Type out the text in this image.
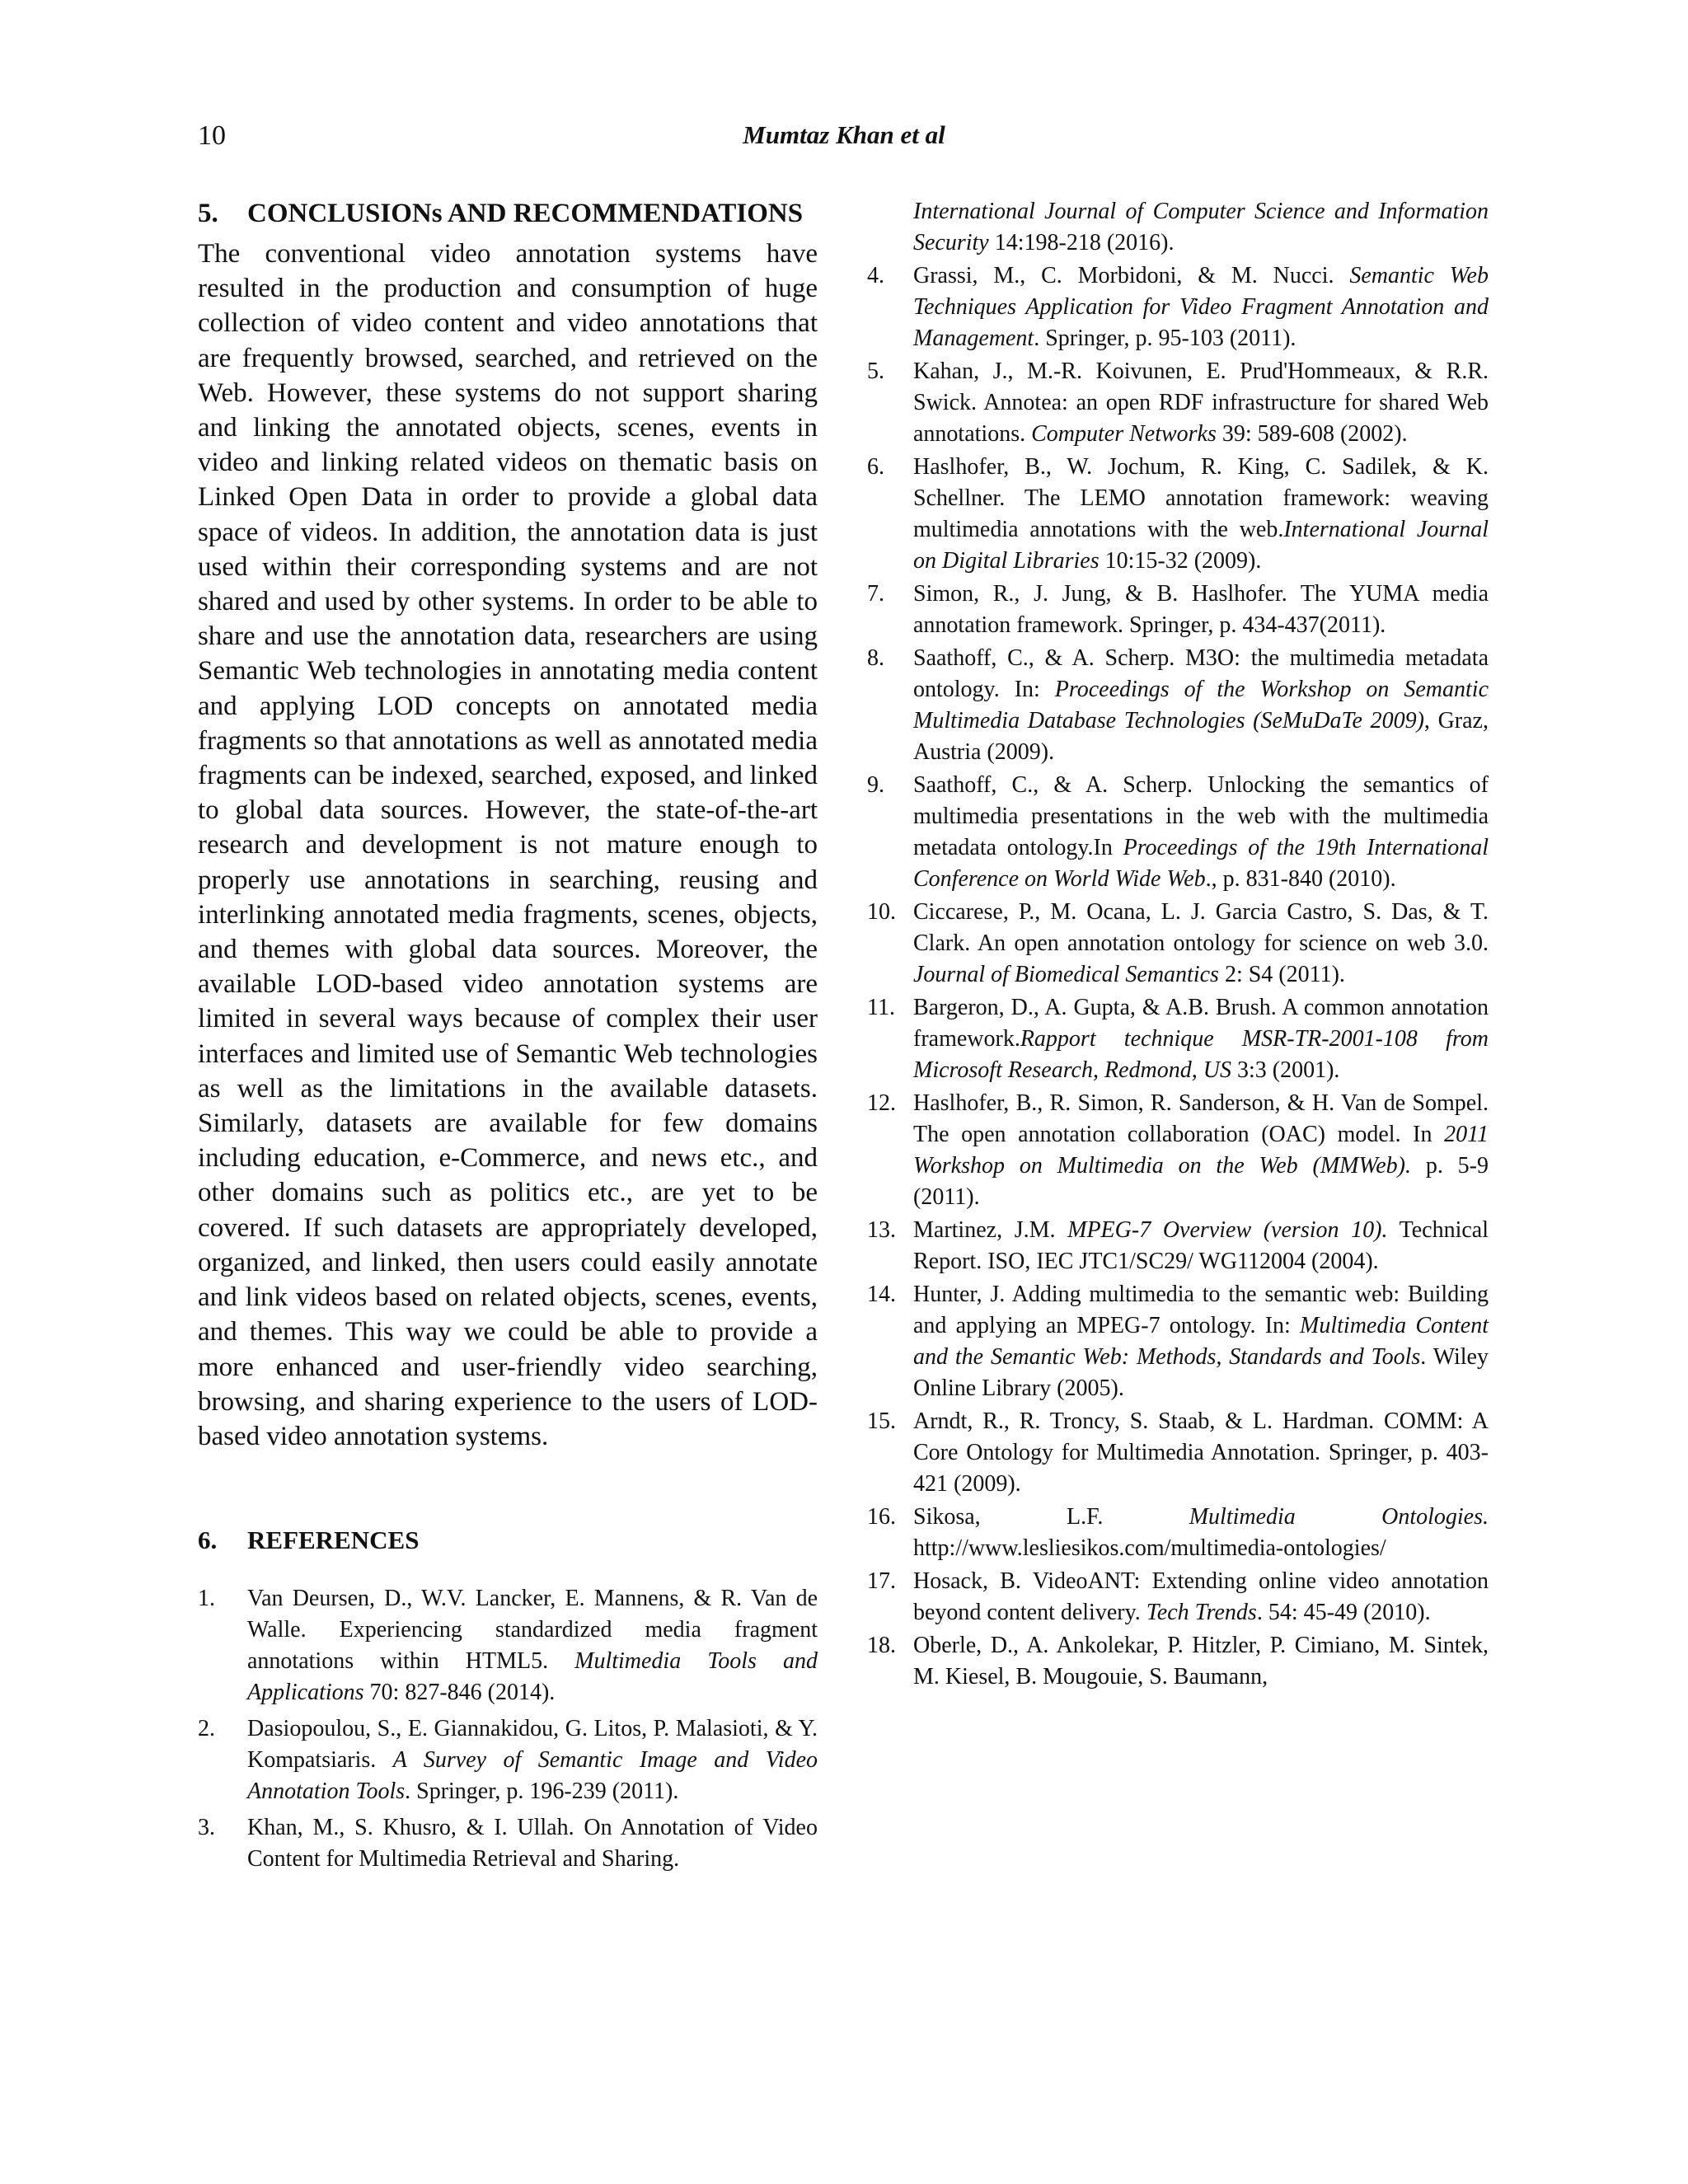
10	Mumtaz Khan et al
5.	CONCLUSIONs AND RECOMMENDATIONS

The conventional video annotation systems have resulted in the production and consumption of huge collection of video content and video annotations that are frequently browsed, searched, and retrieved on the Web. However, these systems do not support sharing and linking the annotated objects, scenes, events in video and linking related videos on thematic basis on Linked Open Data in order to provide a global data space of videos. In addition, the annotation data is just used within their corresponding systems and are not shared and used by other systems. In order to be able to share and use the annotation data, researchers are using Semantic Web technologies in annotating media content and applying LOD concepts on annotated media fragments so that annotations as well as annotated media fragments can be indexed, searched, exposed, and linked to global data sources. However, the state-of-the-art research and development is not mature enough to properly use annotations in searching, reusing and interlinking annotated media fragments, scenes, objects, and themes with global data sources. Moreover, the available LOD-based video annotation systems are limited in several ways because of complex their user interfaces and limited use of Semantic Web technologies as well as the limitations in the available datasets. Similarly, datasets are available for few domains including education, e-Commerce, and news etc., and other domains such as politics etc., are yet to be covered. If such datasets are appropriately developed, organized, and linked, then users could easily annotate and link videos based on related objects, scenes, events, and themes. This way we could be able to provide a more enhanced and user-friendly video searching, browsing, and sharing experience to the users of LOD-based video annotation systems.

6.	REFERENCES
1.	Van Deursen, D., W.V. Lancker, E. Mannens, & R. Van de Walle. Experiencing standardized media fragment annotations within HTML5. Multimedia Tools and Applications 70: 827-846 (2014).
2.	Dasiopoulou, S., E. Giannakidou, G. Litos, P. Malasioti, & Y. Kompatsiaris. A Survey of Semantic Image and Video Annotation Tools. Springer, p. 196-239 (2011).
3.	Khan, M., S. Khusro, & I. Ullah. On Annotation of Video Content for Multimedia Retrieval and Sharing.
International Journal of Computer Science and Information Security 14:198-218 (2016).
4.	Grassi, M., C. Morbidoni, & M. Nucci. Semantic Web Techniques Application for Video Fragment Annotation and Management. Springer, p. 95-103 (2011).
5.	Kahan, J., M.-R. Koivunen, E. Prud'Hommeaux, & R.R. Swick. Annotea: an open RDF infrastructure for shared Web annotations. Computer Networks 39: 589-608 (2002).
6.	Haslhofer, B., W. Jochum, R. King, C. Sadilek, & K. Schellner. The LEMO annotation framework: weaving multimedia annotations with the web.International Journal on Digital Libraries 10:15-32 (2009).
7.	Simon, R., J. Jung, & B. Haslhofer. The YUMA media annotation framework. Springer, p. 434-437(2011).
8.	Saathoff, C., & A. Scherp. M3O: the multimedia metadata ontology. In: Proceedings of the Workshop on Semantic Multimedia Database Technologies (SeMuDaTe 2009), Graz, Austria (2009).
9.	Saathoff, C., & A. Scherp. Unlocking the semantics of multimedia presentations in the web with the multimedia metadata ontology.In Proceedings of the 19th International Conference on World Wide Web., p. 831-840 (2010).
10. Ciccarese, P., M. Ocana, L. J. Garcia Castro, S. Das, & T. Clark. An open annotation ontology for science on web 3.0. Journal of Biomedical Semantics 2: S4 (2011).
11. Bargeron, D., A. Gupta, & A.B. Brush. A common annotation framework.Rapport technique MSR-TR-2001-108 from Microsoft Research, Redmond, US 3:3 (2001).
12. Haslhofer, B., R. Simon, R. Sanderson, & H. Van de Sompel. The open annotation collaboration (OAC) model. In 2011 Workshop on Multimedia on the Web (MMWeb). p. 5-9 (2011).
13. Martinez, J.M. MPEG-7 Overview (version 10). Technical Report. ISO, IEC JTC1/SC29/ WG112004 (2004).
14. Hunter, J. Adding multimedia to the semantic web: Building and applying an MPEG-7 ontology. In: Multimedia Content and the Semantic Web: Methods, Standards and Tools. Wiley Online Library (2005).
15. Arndt, R., R. Troncy, S. Staab, & L. Hardman. COMM: A Core Ontology for Multimedia Annotation. Springer, p. 403-421 (2009).
16. Sikosa, L.F. Multimedia Ontologies. http://www.lesliesikos.com/multimedia-ontologies/
17. Hosack, B. VideoANT: Extending online video annotation beyond content delivery. Tech Trends. 54: 45-49 (2010).
18. Oberle, D., A. Ankolekar, P. Hitzler, P. Cimiano, M. Sintek, M. Kiesel, B. Mougouie, S. Baumann,
